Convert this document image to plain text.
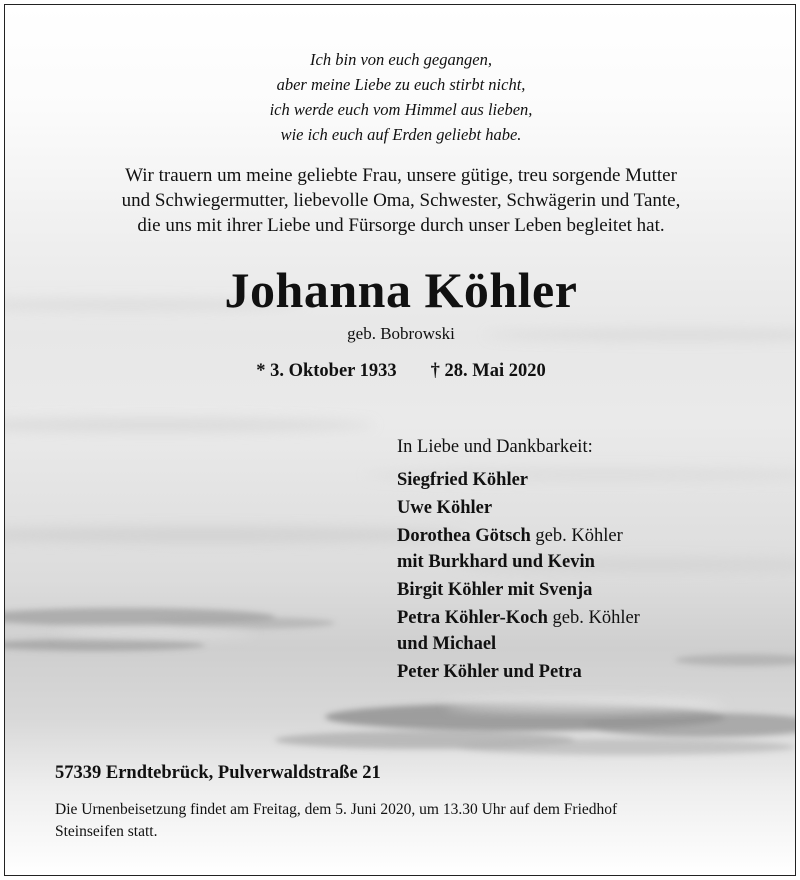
Ich bin von euch gegangen,
aber meine Liebe zu euch stirbt nicht,
ich werde euch vom Himmel aus lieben,
wie ich euch auf Erden geliebt habe.
Wir trauern um meine geliebte Frau, unsere gütige, treu sorgende Mutter
und Schwiegermutter, liebevolle Oma, Schwester, Schwägerin und Tante,
die uns mit ihrer Liebe und Fürsorge durch unser Leben begleitet hat.
Johanna Köhler
geb. Bobrowski
* 3. Oktober 1933 † 28. Mai 2020
In Liebe und Dankbarkeit:
Siegfried Köhler
Uwe Köhler
Dorothea Götsch geb. Köhler
mit Burkhard und Kevin
Birgit Köhler mit Svenja
Petra Köhler-Koch geb. Köhler
und Michael
Peter Köhler und Petra
57339 Erndtebrück, Pulverwaldstraße 21
Die Urnenbeisetzung findet am Freitag, dem 5. Juni 2020, um 13.30 Uhr auf dem Friedhof
Steinseifen statt.
